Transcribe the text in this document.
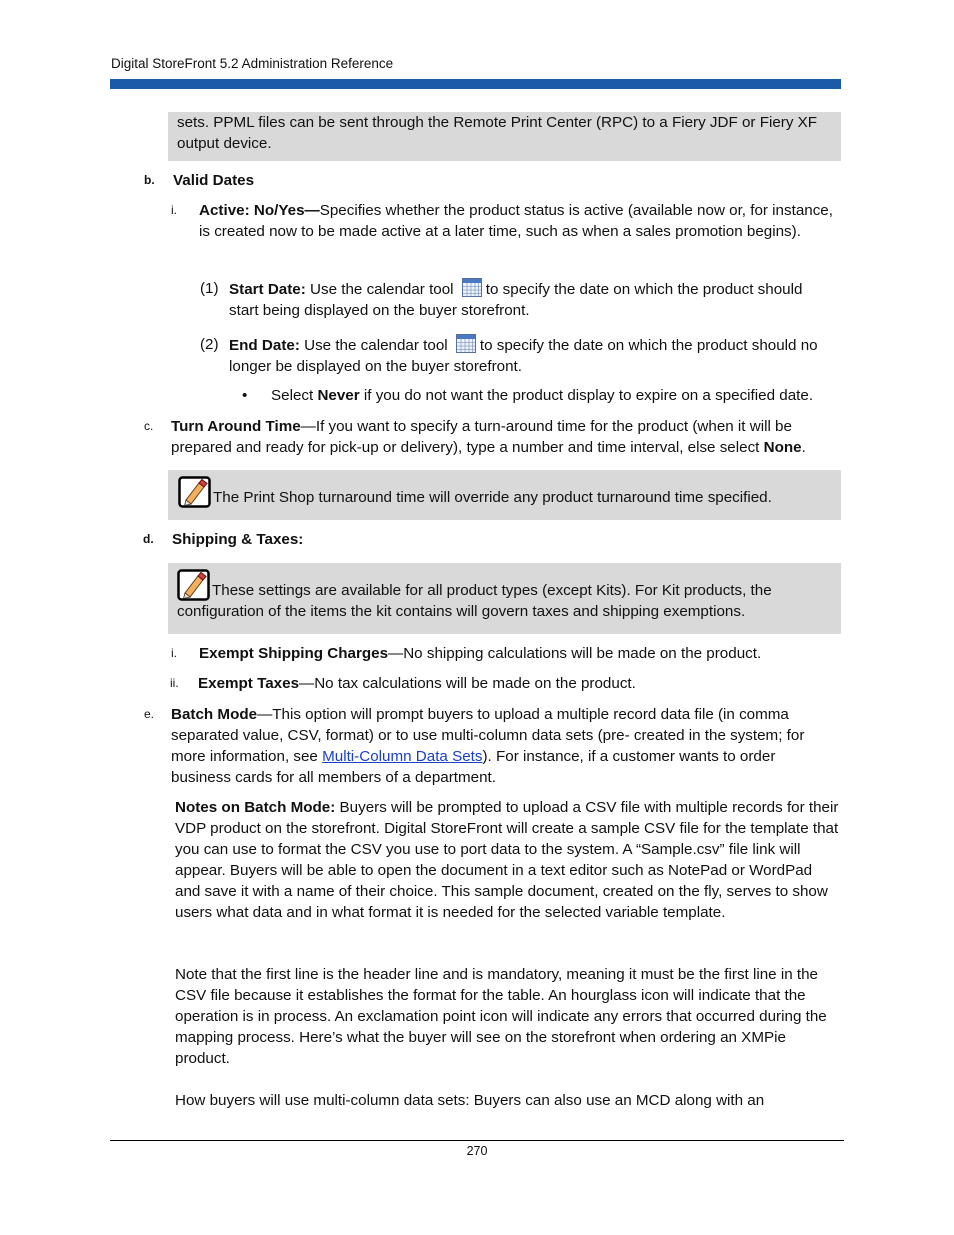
Digital StoreFront 5.2 Administration Reference
sets. PPML files can be sent through the Remote Print Center (RPC) to a Fiery JDF or Fiery XF output device.
b. Valid Dates
i. Active: No/Yes—Specifies whether the product status is active (available now or, for instance, is created now to be made active at a later time, such as when a sales promotion begins).
(1) Start Date: Use the calendar tool to specify the date on which the product should start being displayed on the buyer storefront.
(2) End Date: Use the calendar tool to specify the date on which the product should no longer be displayed on the buyer storefront.
• Select Never if you do not want the product display to expire on a specified date.
c. Turn Around Time—If you want to specify a turn-around time for the product (when it will be prepared and ready for pick-up or delivery), type a number and time interval, else select None.
The Print Shop turnaround time will override any product turnaround time specified.
d. Shipping & Taxes:
These settings are available for all product types (except Kits). For Kit products, the configuration of the items the kit contains will govern taxes and shipping exemptions.
i. Exempt Shipping Charges—No shipping calculations will be made on the product.
ii. Exempt Taxes—No tax calculations will be made on the product.
e. Batch Mode—This option will prompt buyers to upload a multiple record data file (in comma separated value, CSV, format) or to use multi-column data sets (pre- created in the system; for more information, see Multi-Column Data Sets). For instance, if a customer wants to order business cards for all members of a department.
Notes on Batch Mode: Buyers will be prompted to upload a CSV file with multiple records for their VDP product on the storefront. Digital StoreFront will create a sample CSV file for the template that you can use to format the CSV you use to port data to the system. A “Sample.csv” file link will appear. Buyers will be able to open the document in a text editor such as NotePad or WordPad and save it with a name of their choice. This sample document, created on the fly, serves to show users what data and in what format it is needed for the selected variable template.
Note that the first line is the header line and is mandatory, meaning it must be the first line in the CSV file because it establishes the format for the table. An hourglass icon will indicate that the operation is in process. An exclamation point icon will indicate any errors that occurred during the mapping process. Here’s what the buyer will see on the storefront when ordering an XMPie product.
How buyers will use multi-column data sets: Buyers can also use an MCD along with an
270
